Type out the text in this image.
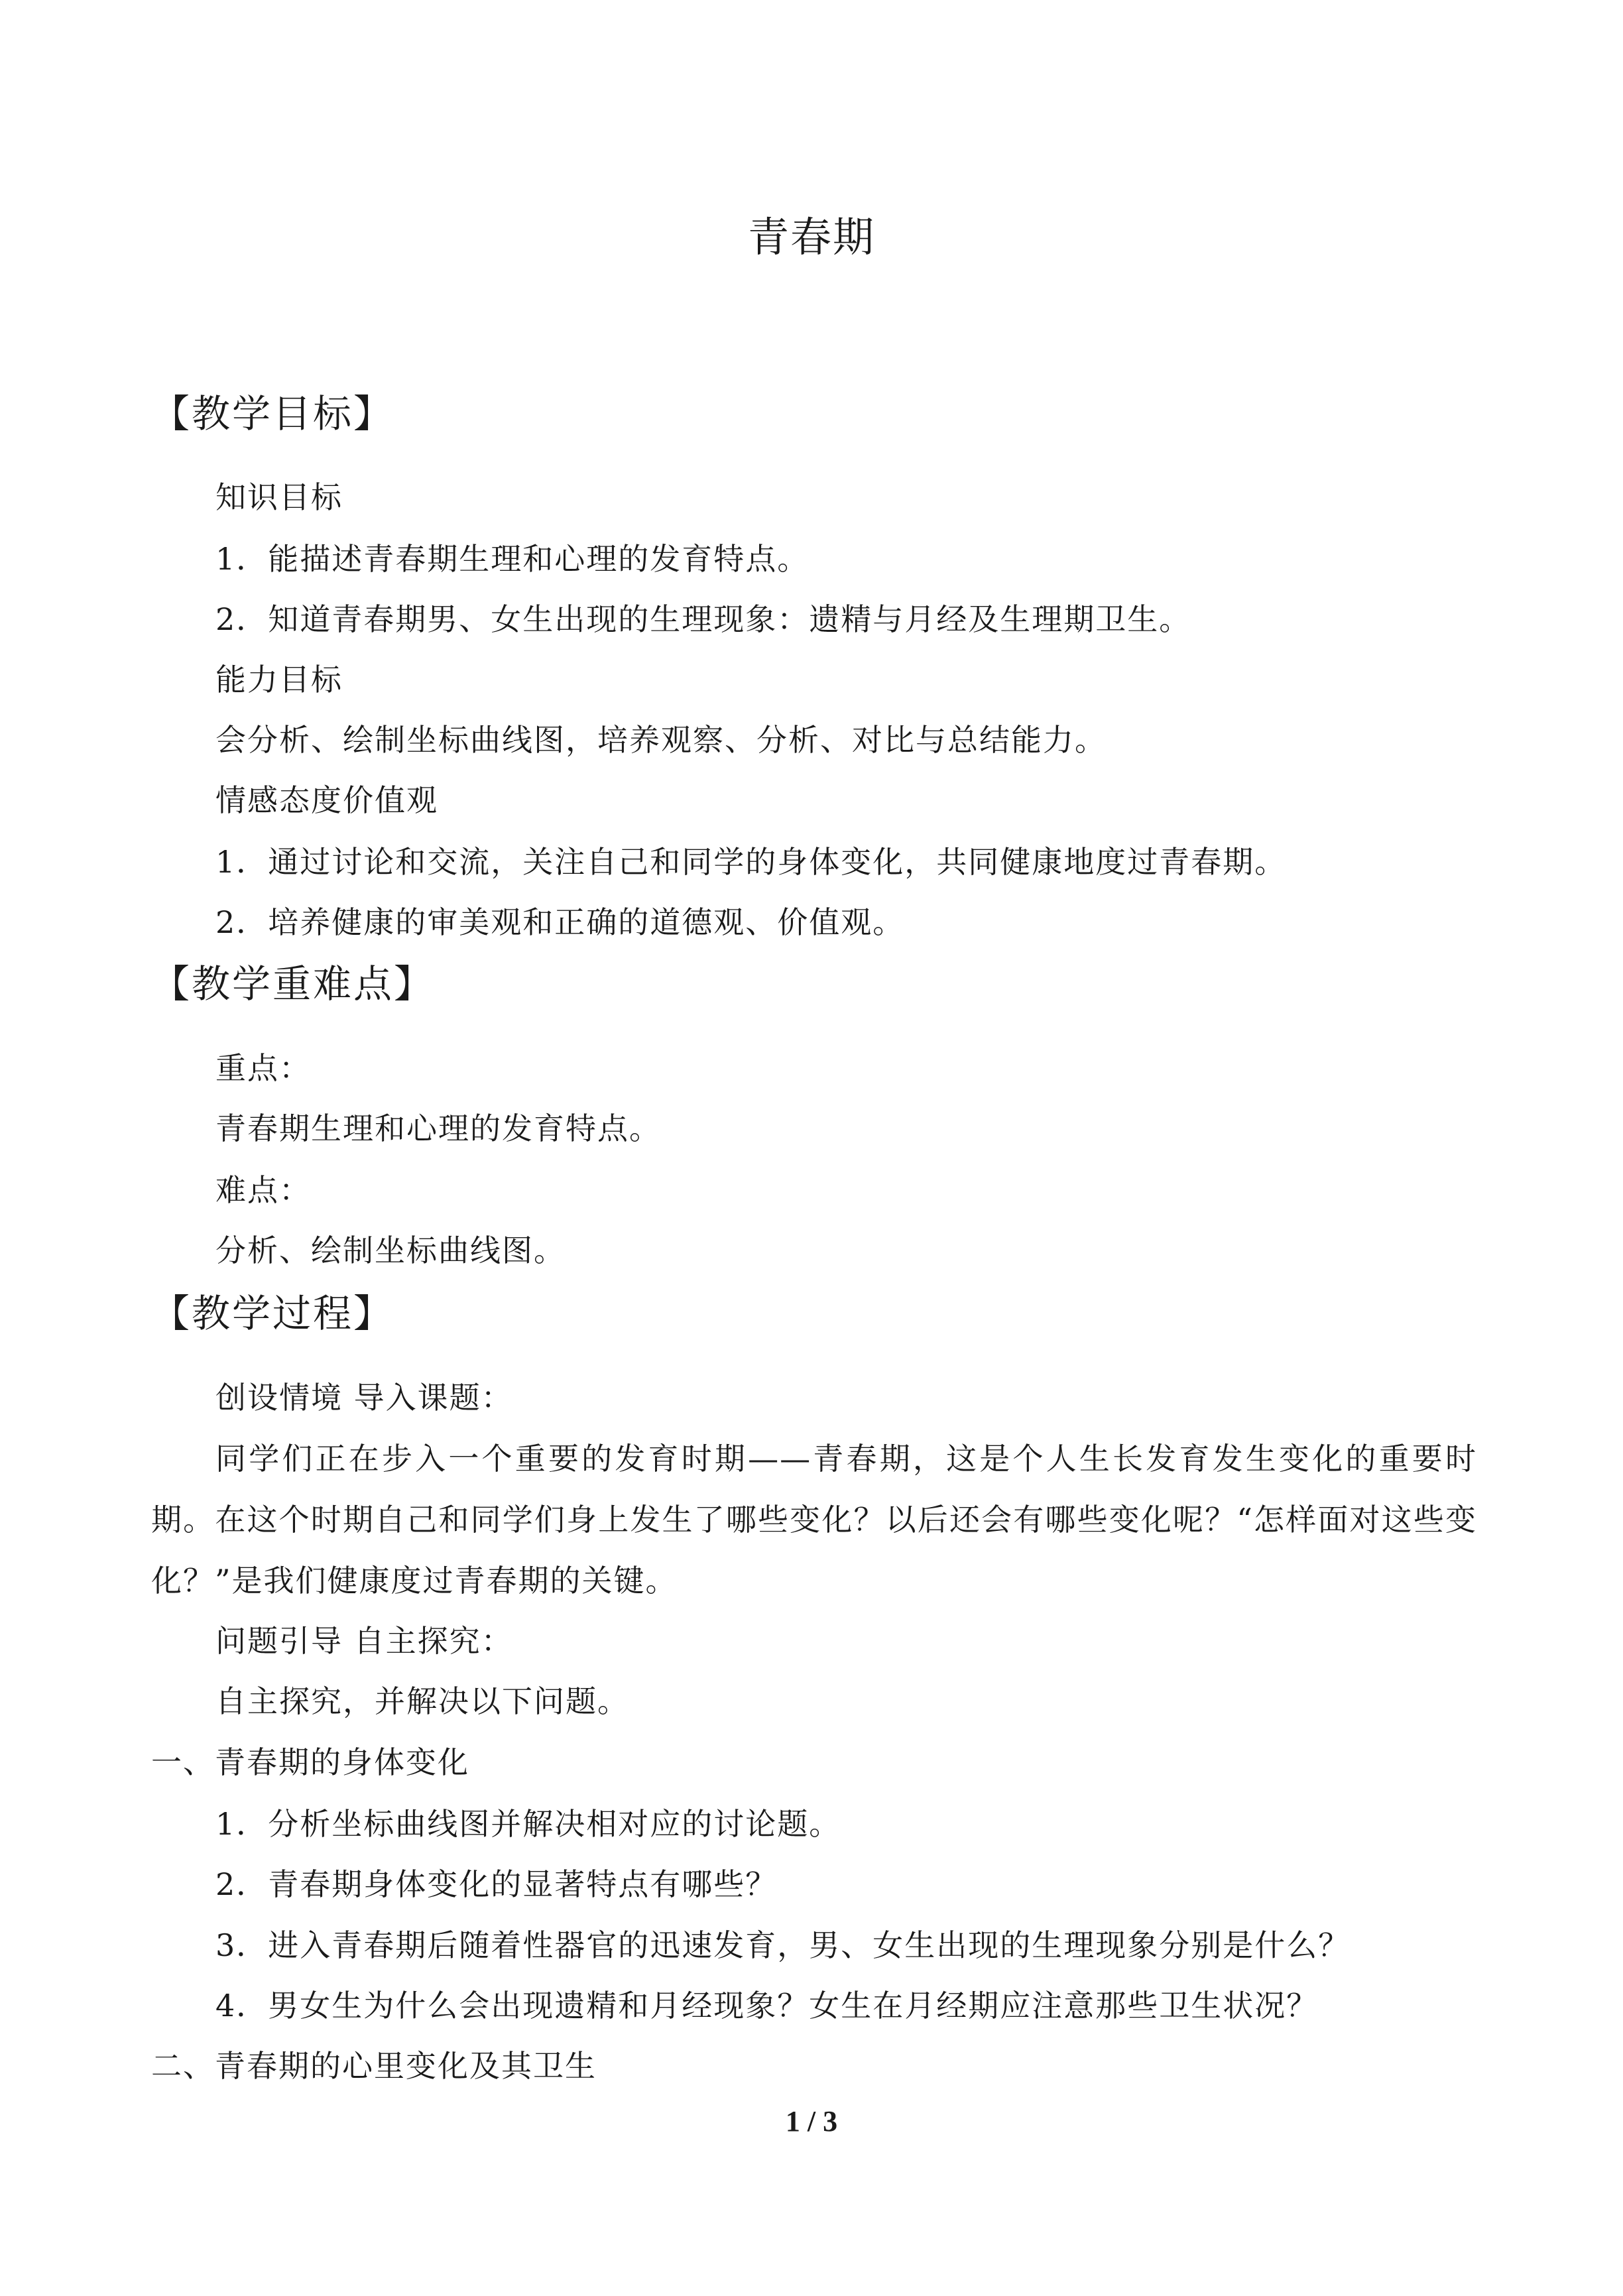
青春期
【教学目标】
知识目标
1．能描述青春期生理和心理的发育特点。
2．知道青春期男、女生出现的生理现象：遗精与月经及生理期卫生。
能力目标
会分析、绘制坐标曲线图，培养观察、分析、对比与总结能力。
情感态度价值观
1．通过讨论和交流，关注自己和同学的身体变化，共同健康地度过青春期。
2．培养健康的审美观和正确的道德观、价值观。
【教学重难点】
重点：
青春期生理和心理的发育特点。
难点：
分析、绘制坐标曲线图。
【教学过程】
创设情境 导入课题：
同学们正在步入一个重要的发育时期——青春期，这是个人生长发育发生变化的重要时期。在这个时期自己和同学们身上发生了哪些变化？以后还会有哪些变化呢？“怎样面对这些变化？”是我们健康度过青春期的关键。
问题引导 自主探究：
自主探究，并解决以下问题。
一、青春期的身体变化
1．分析坐标曲线图并解决相对应的讨论题。
2．青春期身体变化的显著特点有哪些？
3．进入青春期后随着性器官的迅速发育，男、女生出现的生理现象分别是什么？
4．男女生为什么会出现遗精和月经现象？女生在月经期应注意那些卫生状况？
二、青春期的心里变化及其卫生
1 / 3
